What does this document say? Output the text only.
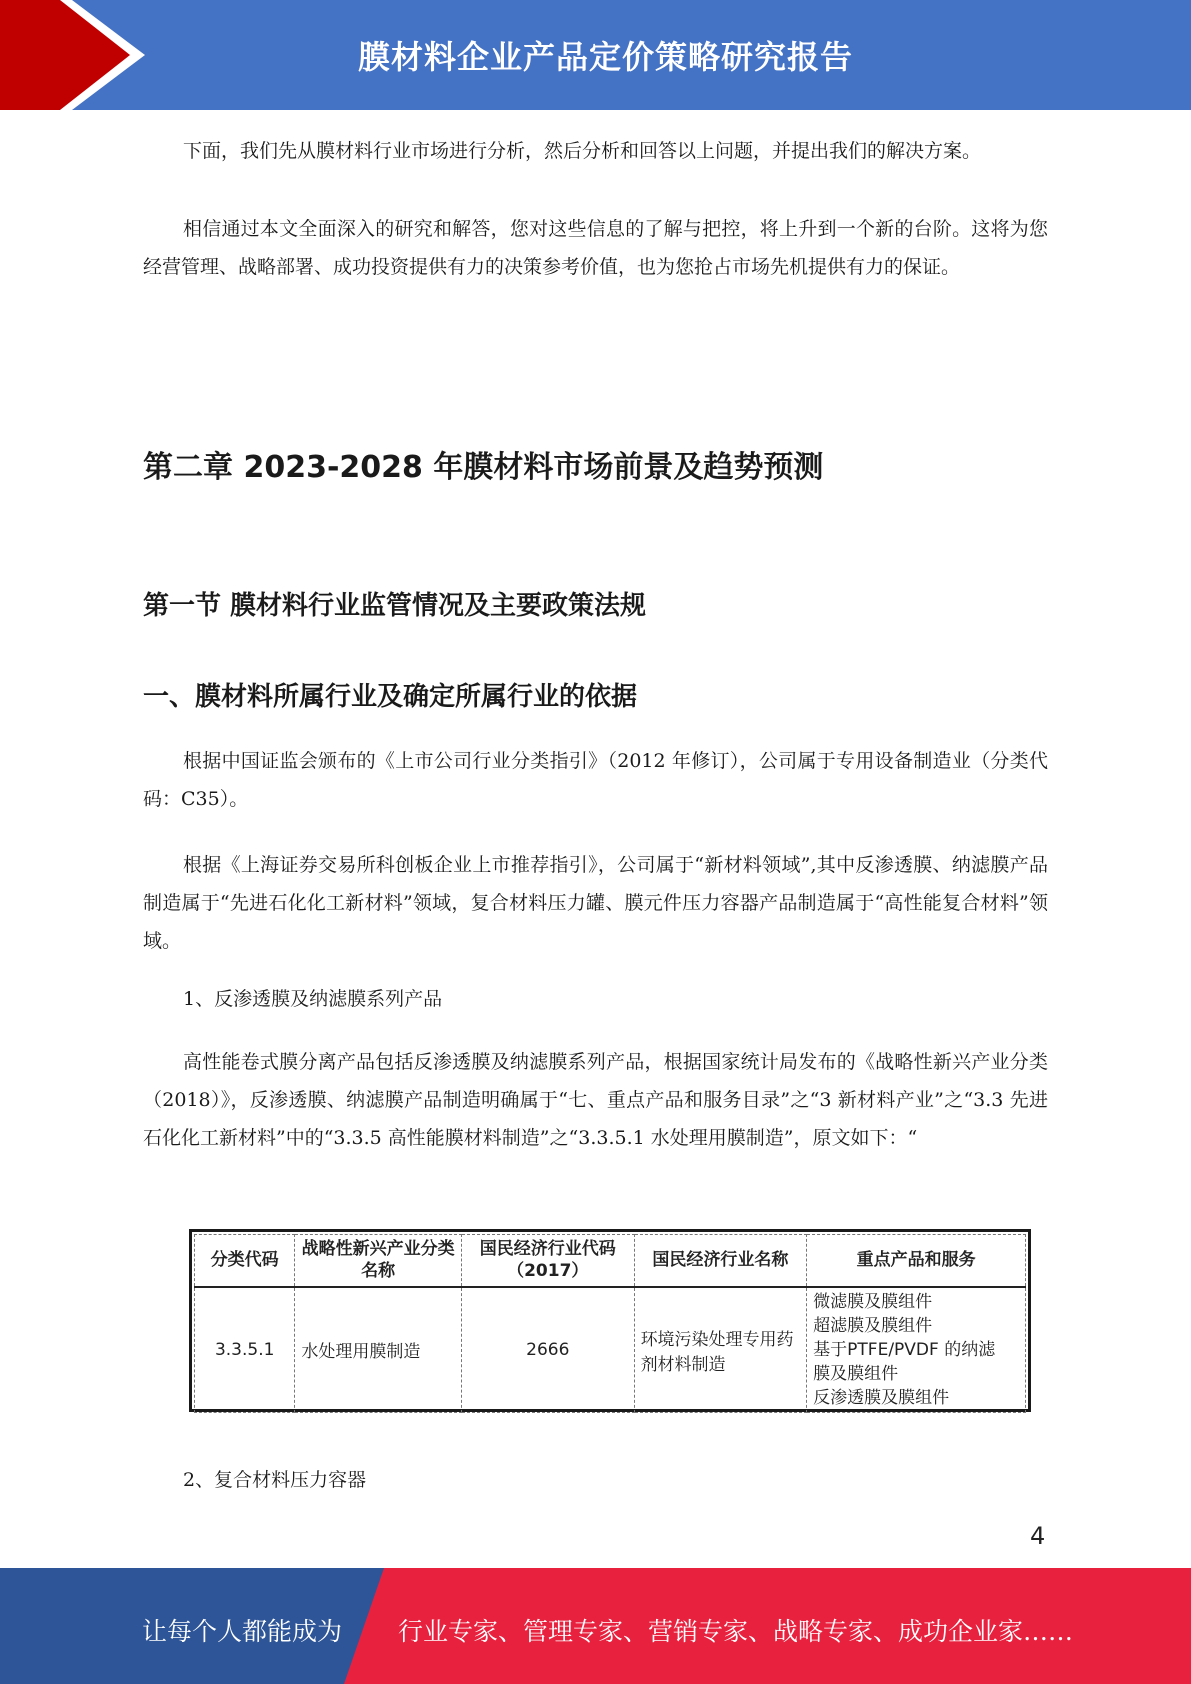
膜材料企业产品定价策略研究报告

下面，我们先从膜材料行业市场进行分析，然后分析和回答以上问题，并提出我们的解决方案。

相信通过本文全面深入的研究和解答，您对这些信息的了解与把控，将上升到一个新的台阶。这将为您经营管理、战略部署、成功投资提供有力的决策参考价值，也为您抢占市场先机提供有力的保证。

第二章 2023-2028 年膜材料市场前景及趋势预测
第一节 膜材料行业监管情况及主要政策法规
一、膜材料所属行业及确定所属行业的依据

根据中国证监会颁布的《上市公司行业分类指引》（2012 年修订），公司属于专用设备制造业（分类代码：C35）。

根据《上海证券交易所科创板企业上市推荐指引》，公司属于“新材料领域”,其中反渗透膜、纳滤膜产品制造属于“先进石化化工新材料”领域，复合材料压力罐、膜元件压力容器产品制造属于“高性能复合材料”领域。

1、反渗透膜及纳滤膜系列产品

高性能卷式膜分离产品包括反渗透膜及纳滤膜系列产品，根据国家统计局发布的《战略性新兴产业分类（2018）》，反渗透膜、纳滤膜产品制造明确属于“七、重点产品和服务目录”之“3 新材料产业”之“3.3 先进石化化工新材料”中的“3.3.5 高性能膜材料制造”之“3.3.5.1 水处理用膜制造”，原文如下：“

分类代码	战略性新兴产业分类名称	国民经济行业代码（2017）	国民经济行业名称	重点产品和服务
3.3.5.1	水处理用膜制造	2666	环境污染处理专用药剂材料制造	微滤膜及膜组件
超滤膜及膜组件
基于PTFE/PVDF 的纳滤
膜及膜组件
反渗透膜及膜组件

2、复合材料压力容器

4
让每个人都能成为 行业专家、管理专家、营销专家、战略专家、成功企业家……
